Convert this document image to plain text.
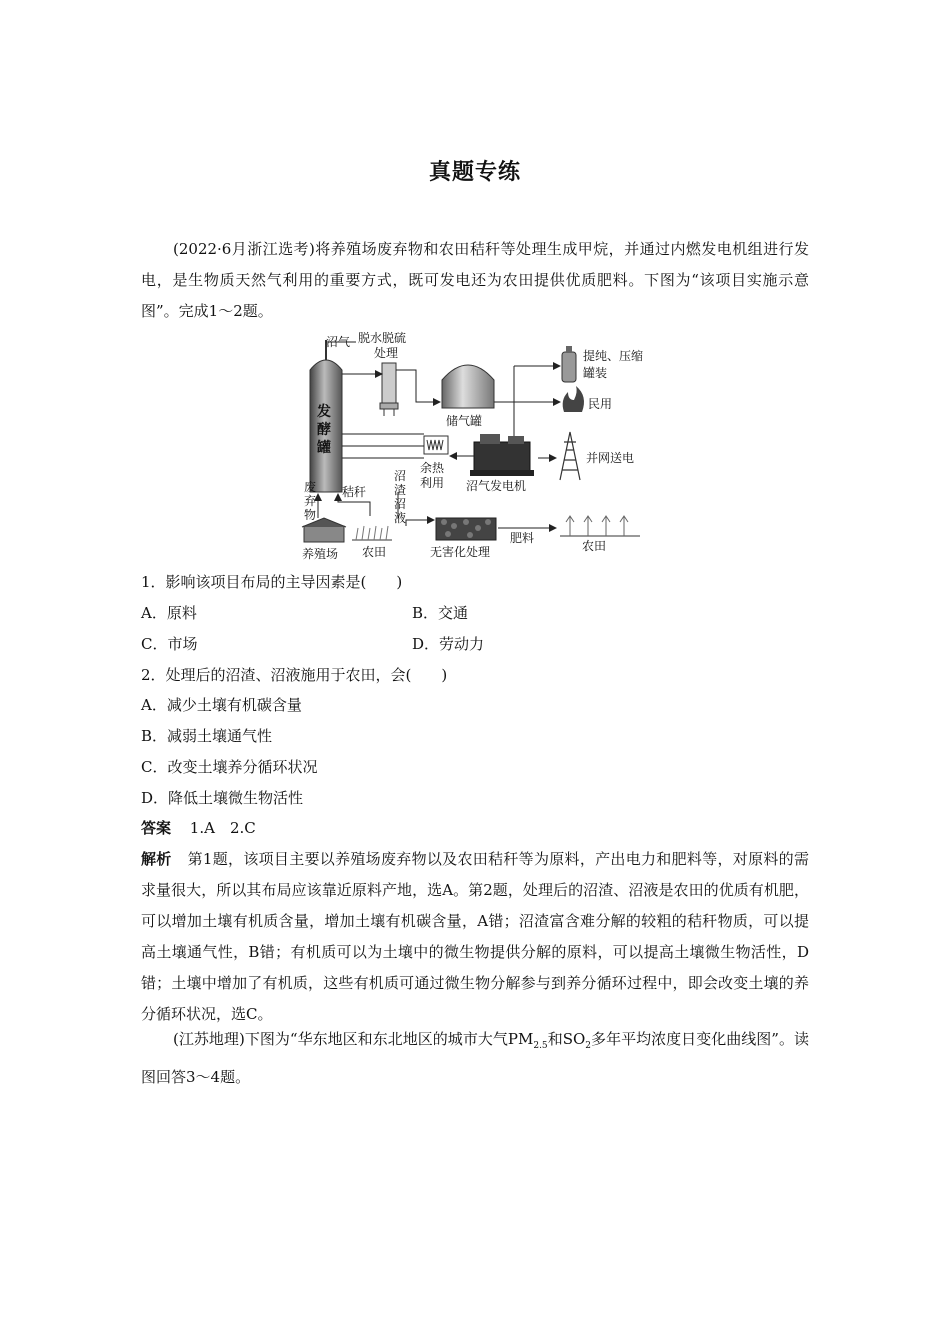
真题专练
(2022·6月浙江选考)将养殖场废弃物和农田秸秆等处理生成甲烷，并通过内燃发电机组进行发电，是生物质天然气利用的重要方式，既可发电还为农田提供优质肥料。下图为“该项目实施示意图”。完成1～2题。
发
酵
罐
沼气 脱水脱硫
处理
储气罐
提纯、压缩
罐装
民用
余热
利用 沼气发电机
并网送电
废
弃
物
秸秆
沼
渣
沼
液
养殖场 农田	无害化处理
肥料
农田
1．影响该项目布局的主导因素是(　　)
A．原料	B．交通
C．市场	D．劳动力
2．处理后的沼渣、沼液施用于农田，会(　　)
A．减少土壤有机碳含量
B．减弱土壤通气性
C．改变土壤养分循环状况
D．降低土壤微生物活性
答案 1.A　2.C
解析 第1题，该项目主要以养殖场废弃物以及农田秸秆等为原料，产出电力和肥料等，对原料的需求量很大，所以其布局应该靠近原料产地，选A。第2题，处理后的沼渣、沼液是农田的优质有机肥，可以增加土壤有机质含量，增加土壤有机碳含量，A错；沼渣富含难分解的较粗的秸秆物质，可以提高土壤通气性，B错；有机质可以为土壤中的微生物提供分解的原料，可以提高土壤微生物活性，D错；土壤中增加了有机质，这些有机质可通过微生物分解参与到养分循环过程中，即会改变土壤的养分循环状况，选C。
(江苏地理)下图为“华东地区和东北地区的城市大气$PM_{2.5}$和$SO_2$多年平均浓度日变化曲线图”。读图回答3～4题。
